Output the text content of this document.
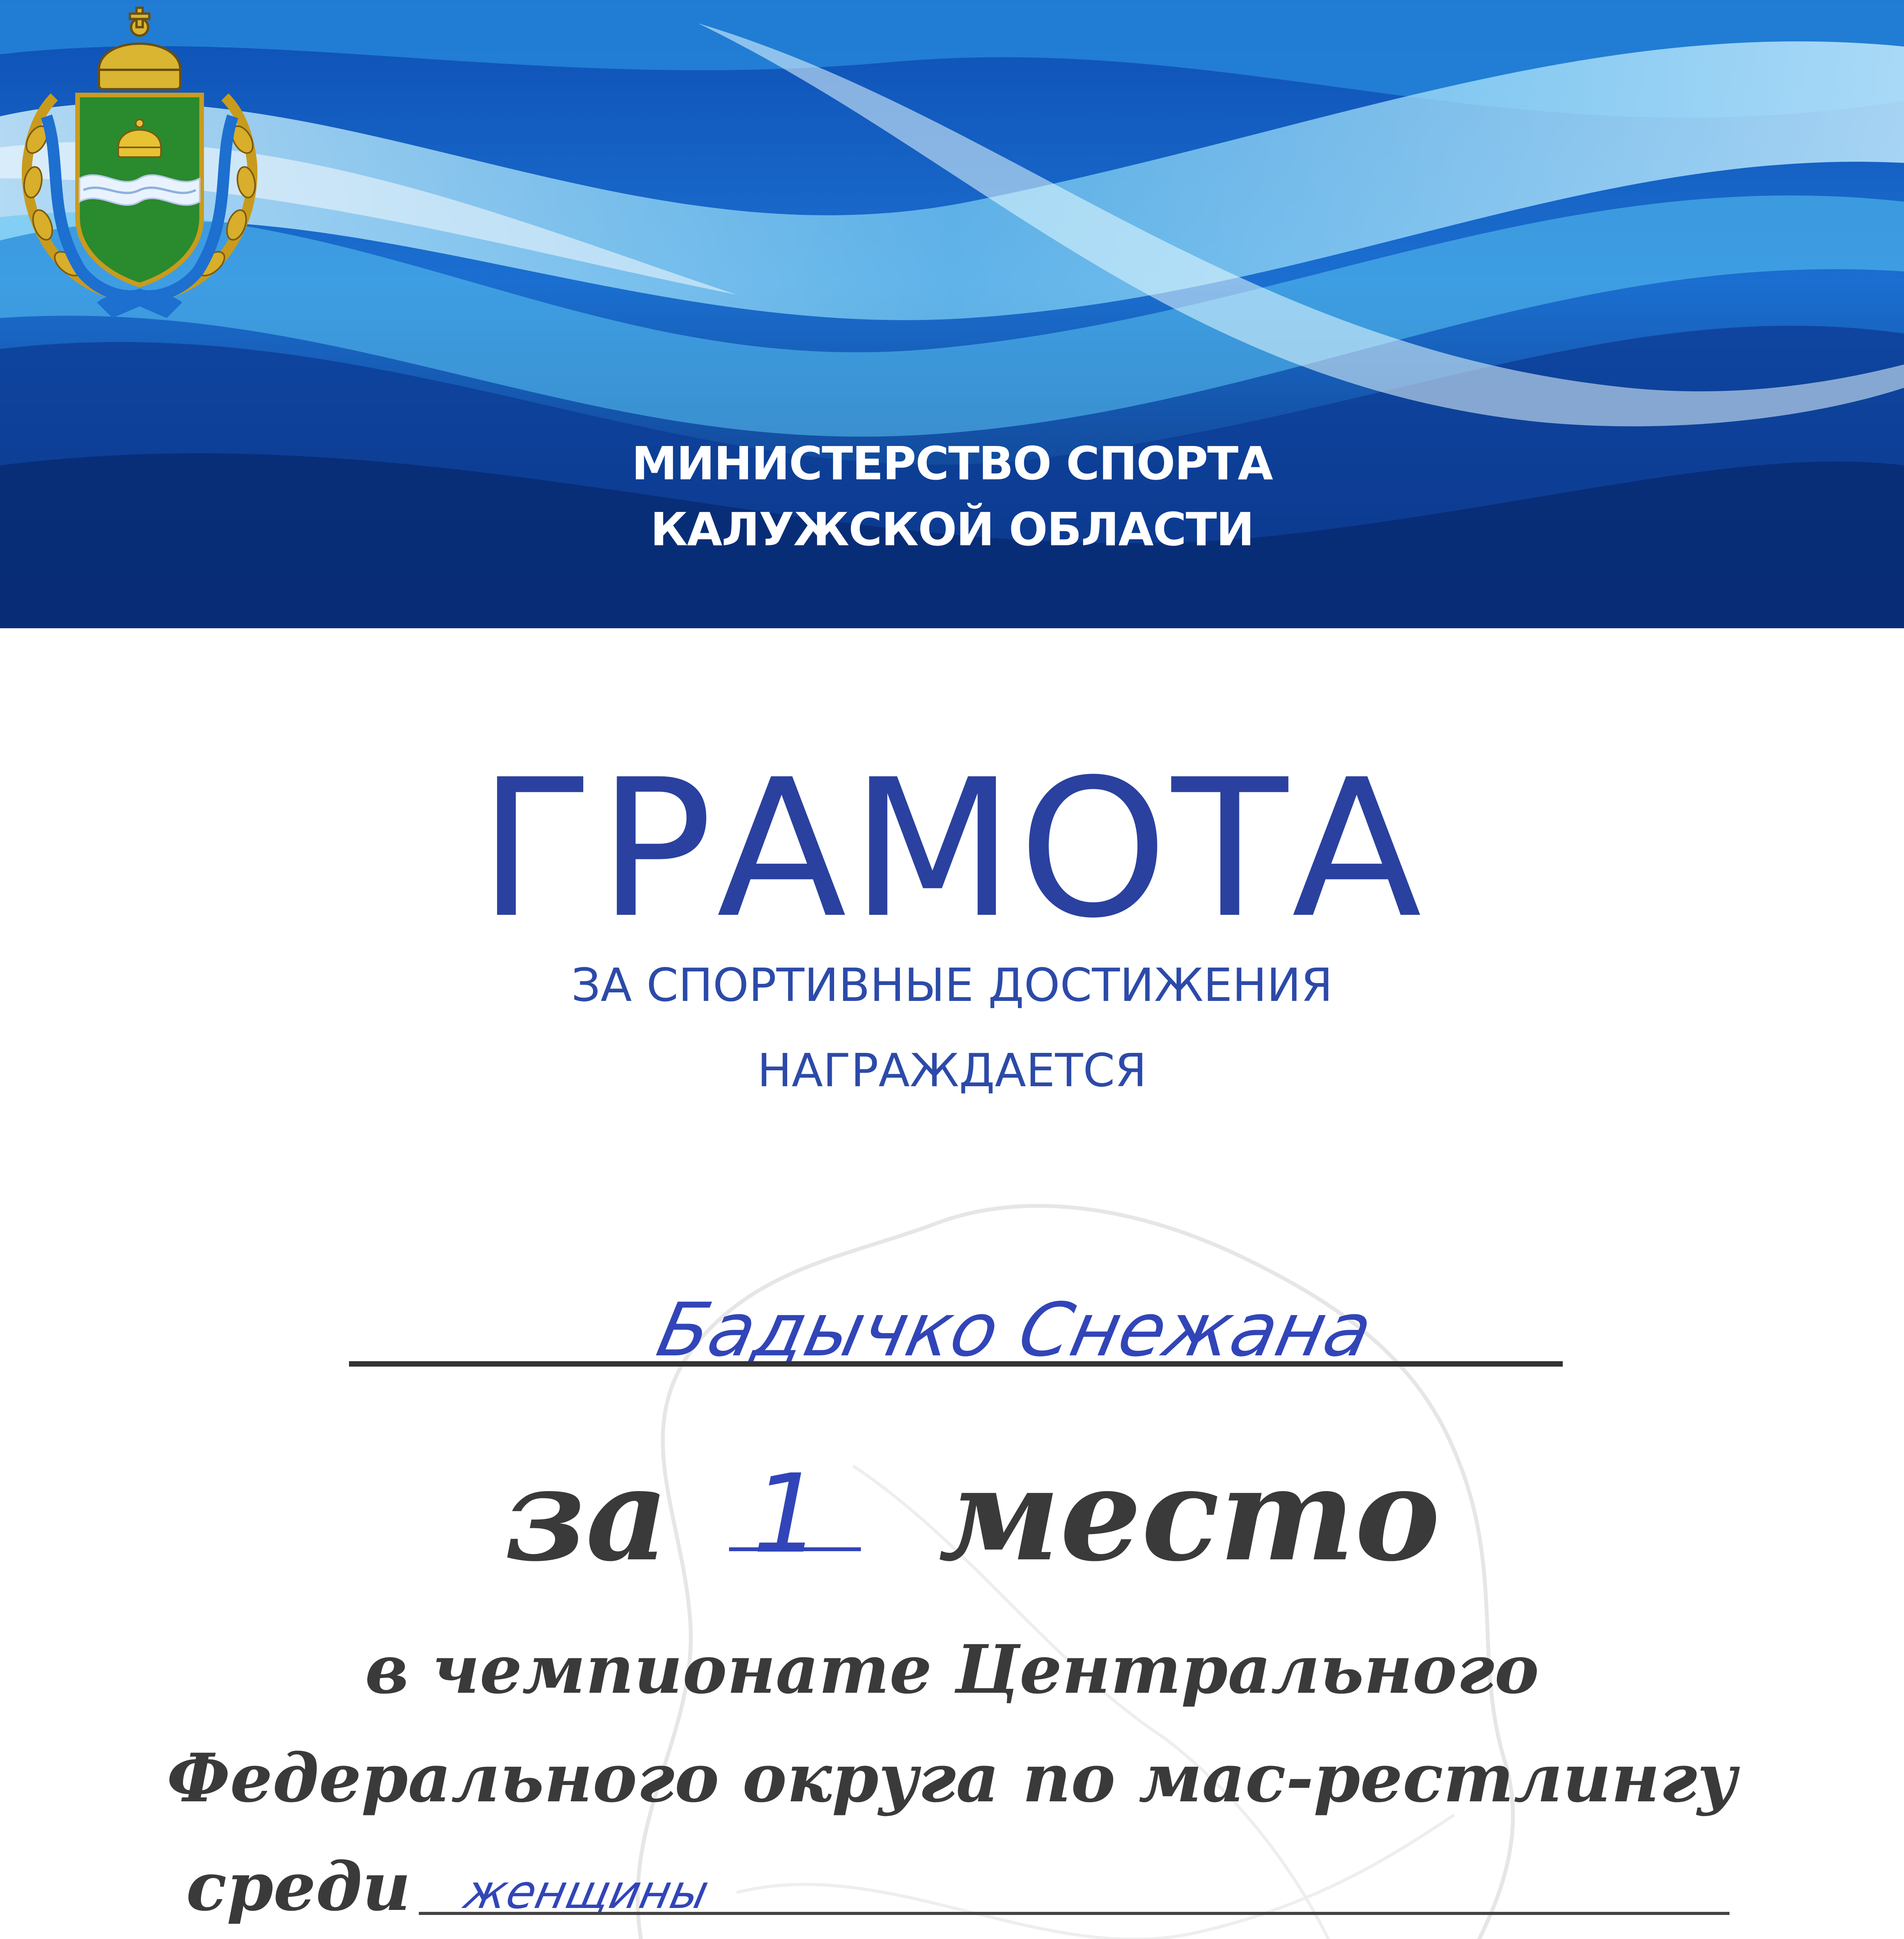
МИНИСТЕРСТВО СПОРТА
КАЛУЖСКОЙ ОБЛАСТИ
ГРАМОТА
ЗА СПОРТИВНЫЕ ДОСТИЖЕНИЯ
НАГРАЖДАЕТСЯ
Бадычко Снежана
за 1 место
в чемпионате Центрального
Федерального округа по мас-рестлингу
среди женщины
